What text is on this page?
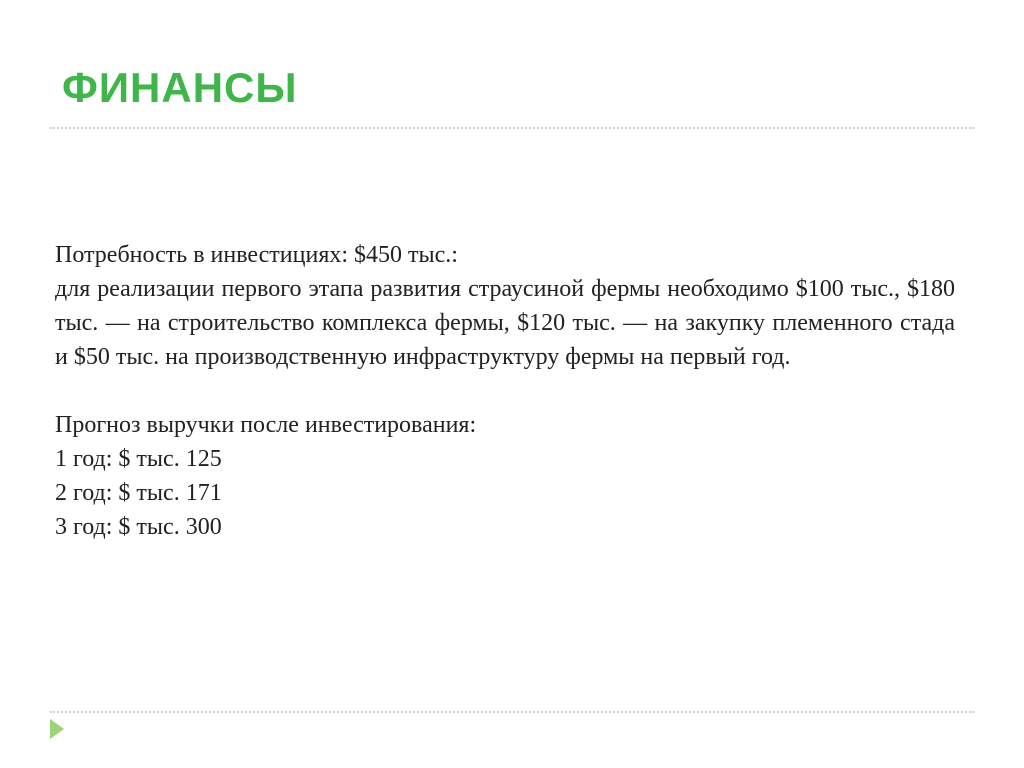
ФИНАНСЫ

Потребность в инвестициях: $450 тыс.:

для реализации первого этапа развития страусиной фермы необходимо $100 тыс., $180 тыс. — на строительство комплекса фермы, $120 тыс. — на закупку племенного стада и $50 тыс. на производственную инфраструктуру фермы на первый год.

Прогноз выручки после инвестирования:

1 год: $ тыс. 125

2 год: $ тыс. 171

3 год: $ тыс. 300
